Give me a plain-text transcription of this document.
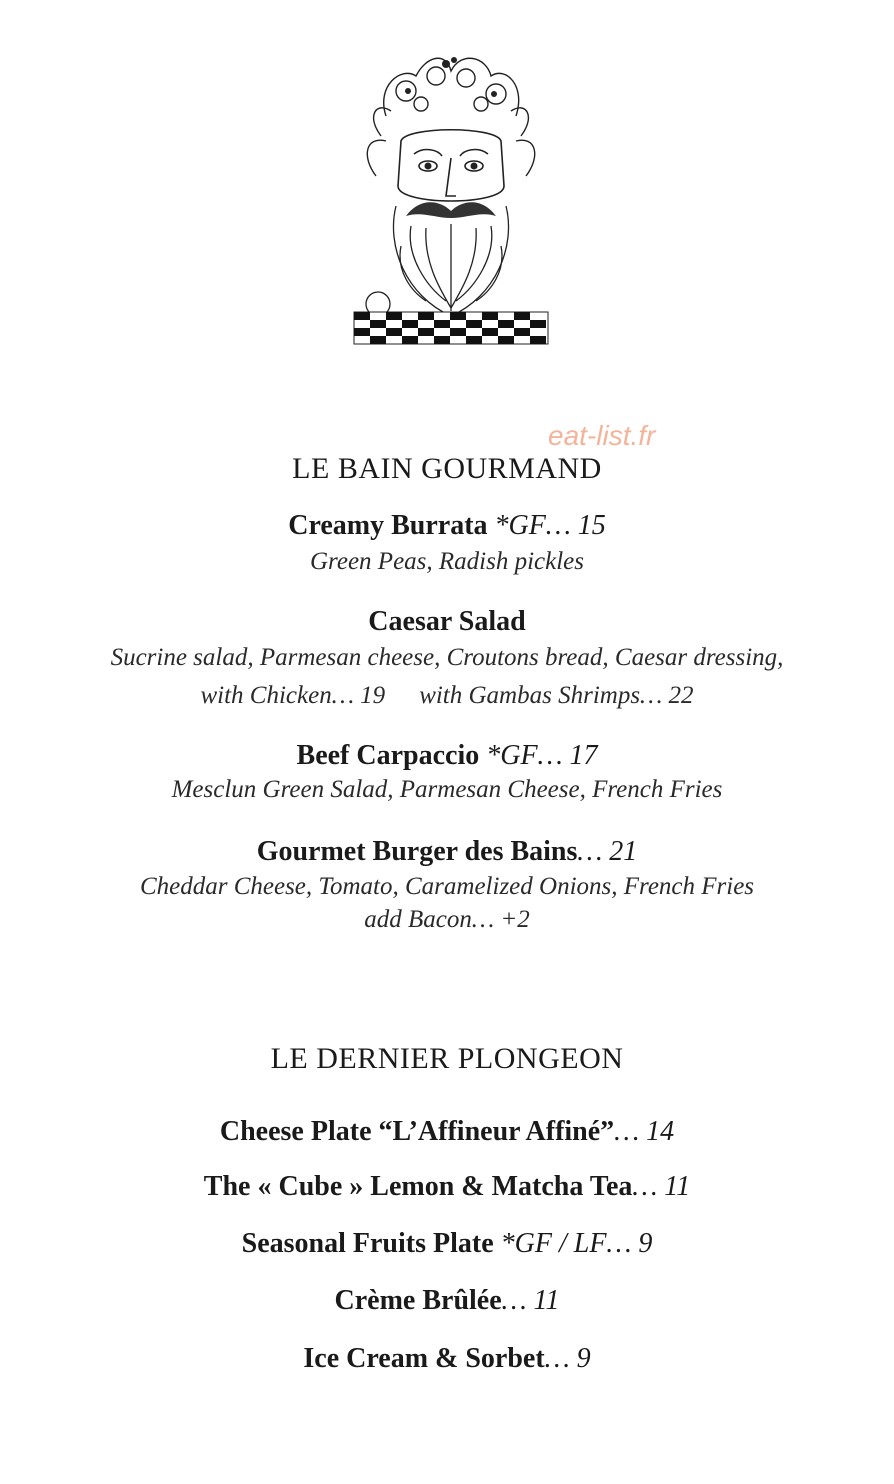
eat-list.fr
LE BAIN GOURMAND
Creamy Burrata *GF… 15
Green Peas, Radish pickles
Caesar Salad
Sucrine salad, Parmesan cheese, Croutons bread, Caesar dressing,
with Chicken… 19 with Gambas Shrimps… 22
Beef Carpaccio *GF… 17
Mesclun Green Salad, Parmesan Cheese, French Fries
Gourmet Burger des Bains… 21
Cheddar Cheese, Tomato, Caramelized Onions, French Fries
add Bacon… +2
LE DERNIER PLONGEON
Cheese Plate “L’Affineur Affiné”… 14
The « Cube » Lemon & Matcha Tea… 11
Seasonal Fruits Plate *GF / LF… 9
Crème Brûlée… 11
Ice Cream & Sorbet… 9
